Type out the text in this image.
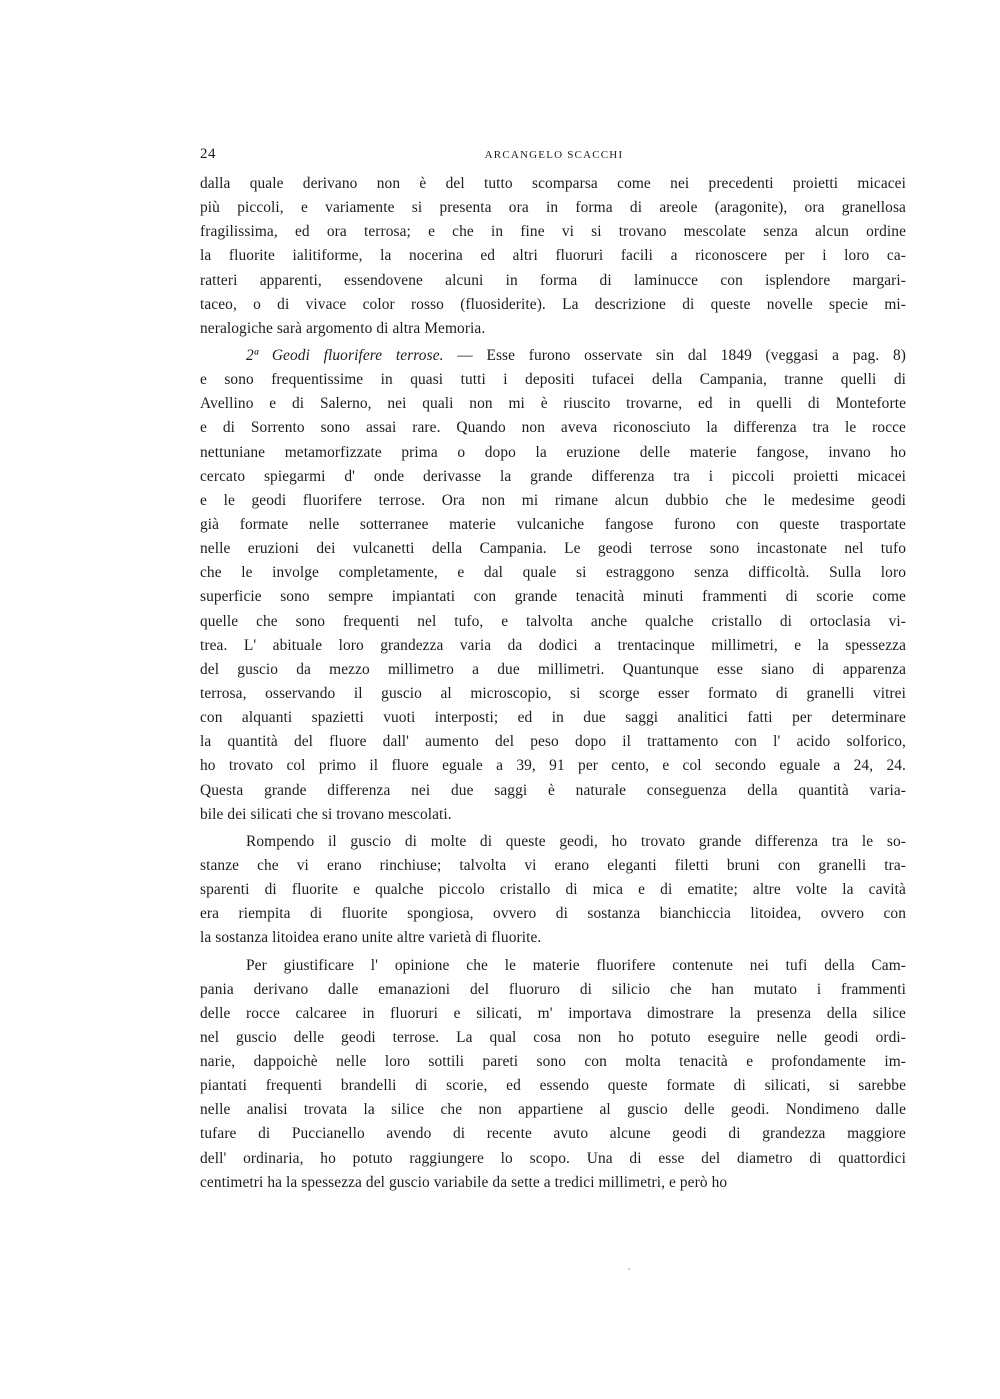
24	ARCANGELO SCACCHI
dalla quale derivano non è del tutto scomparsa come nei precedenti proietti micacei
più piccoli, e variamente si presenta ora in forma di areole (aragonite), ora granellosa
fragilissima, ed ora terrosa; e che in fine vi si trovano mescolate senza alcun ordine
la fluorite ialitiforme, la nocerina ed altri fluoruri facili a riconoscere per i loro ca-
ratteri apparenti, essendovene alcuni in forma di laminucce con isplendore margari-
taceo, o di vivace color rosso (fluosiderite). La descrizione di queste novelle specie mi-
neralogiche sarà argomento di altra Memoria.
2ª Geodi fluorifere terrose. — Esse furono osservate sin dal 1849 (veggasi a pag. 8)
e sono frequentissime in quasi tutti i depositi tufacei della Campania, tranne quelli di
Avellino e di Salerno, nei quali non mi è riuscito trovarne, ed in quelli di Monteforte
e di Sorrento sono assai rare. Quando non aveva riconosciuto la differenza tra le rocce
nettuniane metamorfizzate prima o dopo la eruzione delle materie fangose, invano ho
cercato spiegarmi d' onde derivasse la grande differenza tra i piccoli proietti micacei
e le geodi fluorifere terrose. Ora non mi rimane alcun dubbio che le medesime geodi
già formate nelle sotterranee materie vulcaniche fangose furono con queste trasportate
nelle eruzioni dei vulcanetti della Campania. Le geodi terrose sono incastonate nel tufo
che le involge completamente, e dal quale si estraggono senza difficoltà. Sulla loro
superficie sono sempre impiantati con grande tenacità minuti frammenti di scorie come
quelle che sono frequenti nel tufo, e talvolta anche qualche cristallo di ortoclasia vi-
trea. L' abituale loro grandezza varia da dodici a trentacinque millimetri, e la spessezza
del guscio da mezzo millimetro a due millimetri. Quantunque esse siano di apparenza
terrosa, osservando il guscio al microscopio, si scorge esser formato di granelli vitrei
con alquanti spazietti vuoti interposti; ed in due saggi analitici fatti per determinare
la quantità del fluore dall' aumento del peso dopo il trattamento con l' acido solforico,
ho trovato col primo il fluore eguale a 39, 91 per cento, e col secondo eguale a 24, 24.
Questa grande differenza nei due saggi è naturale conseguenza della quantità varia-
bile dei silicati che si trovano mescolati.
Rompendo il guscio di molte di queste geodi, ho trovato grande differenza tra le so-
stanze che vi erano rinchiuse; talvolta vi erano eleganti filetti bruni con granelli tra-
sparenti di fluorite e qualche piccolo cristallo di mica e di ematite; altre volte la cavità
era riempita di fluorite spongiosa, ovvero di sostanza bianchiccia litoidea, ovvero con
la sostanza litoidea erano unite altre varietà di fluorite.
Per giustificare l' opinione che le materie fluorifere contenute nei tufi della Cam-
pania derivano dalle emanazioni del fluoruro di silicio che han mutato i frammenti
delle rocce calcaree in fluoruri e silicati, m' importava dimostrare la presenza della silice
nel guscio delle geodi terrose. La qual cosa non ho potuto eseguire nelle geodi ordi-
narie, dappoichè nelle loro sottili pareti sono con molta tenacità e profondamente im-
piantati frequenti brandelli di scorie, ed essendo queste formate di silicati, si sarebbe
nelle analisi trovata la silice che non appartiene al guscio delle geodi. Nondimeno dalle
tufare di Puccianello avendo di recente avuto alcune geodi di grandezza maggiore
dell' ordinaria, ho potuto raggiungere lo scopo. Una di esse del diametro di quattordici
centimetri ha la spessezza del guscio variabile da sette a tredici millimetri, e però ho
